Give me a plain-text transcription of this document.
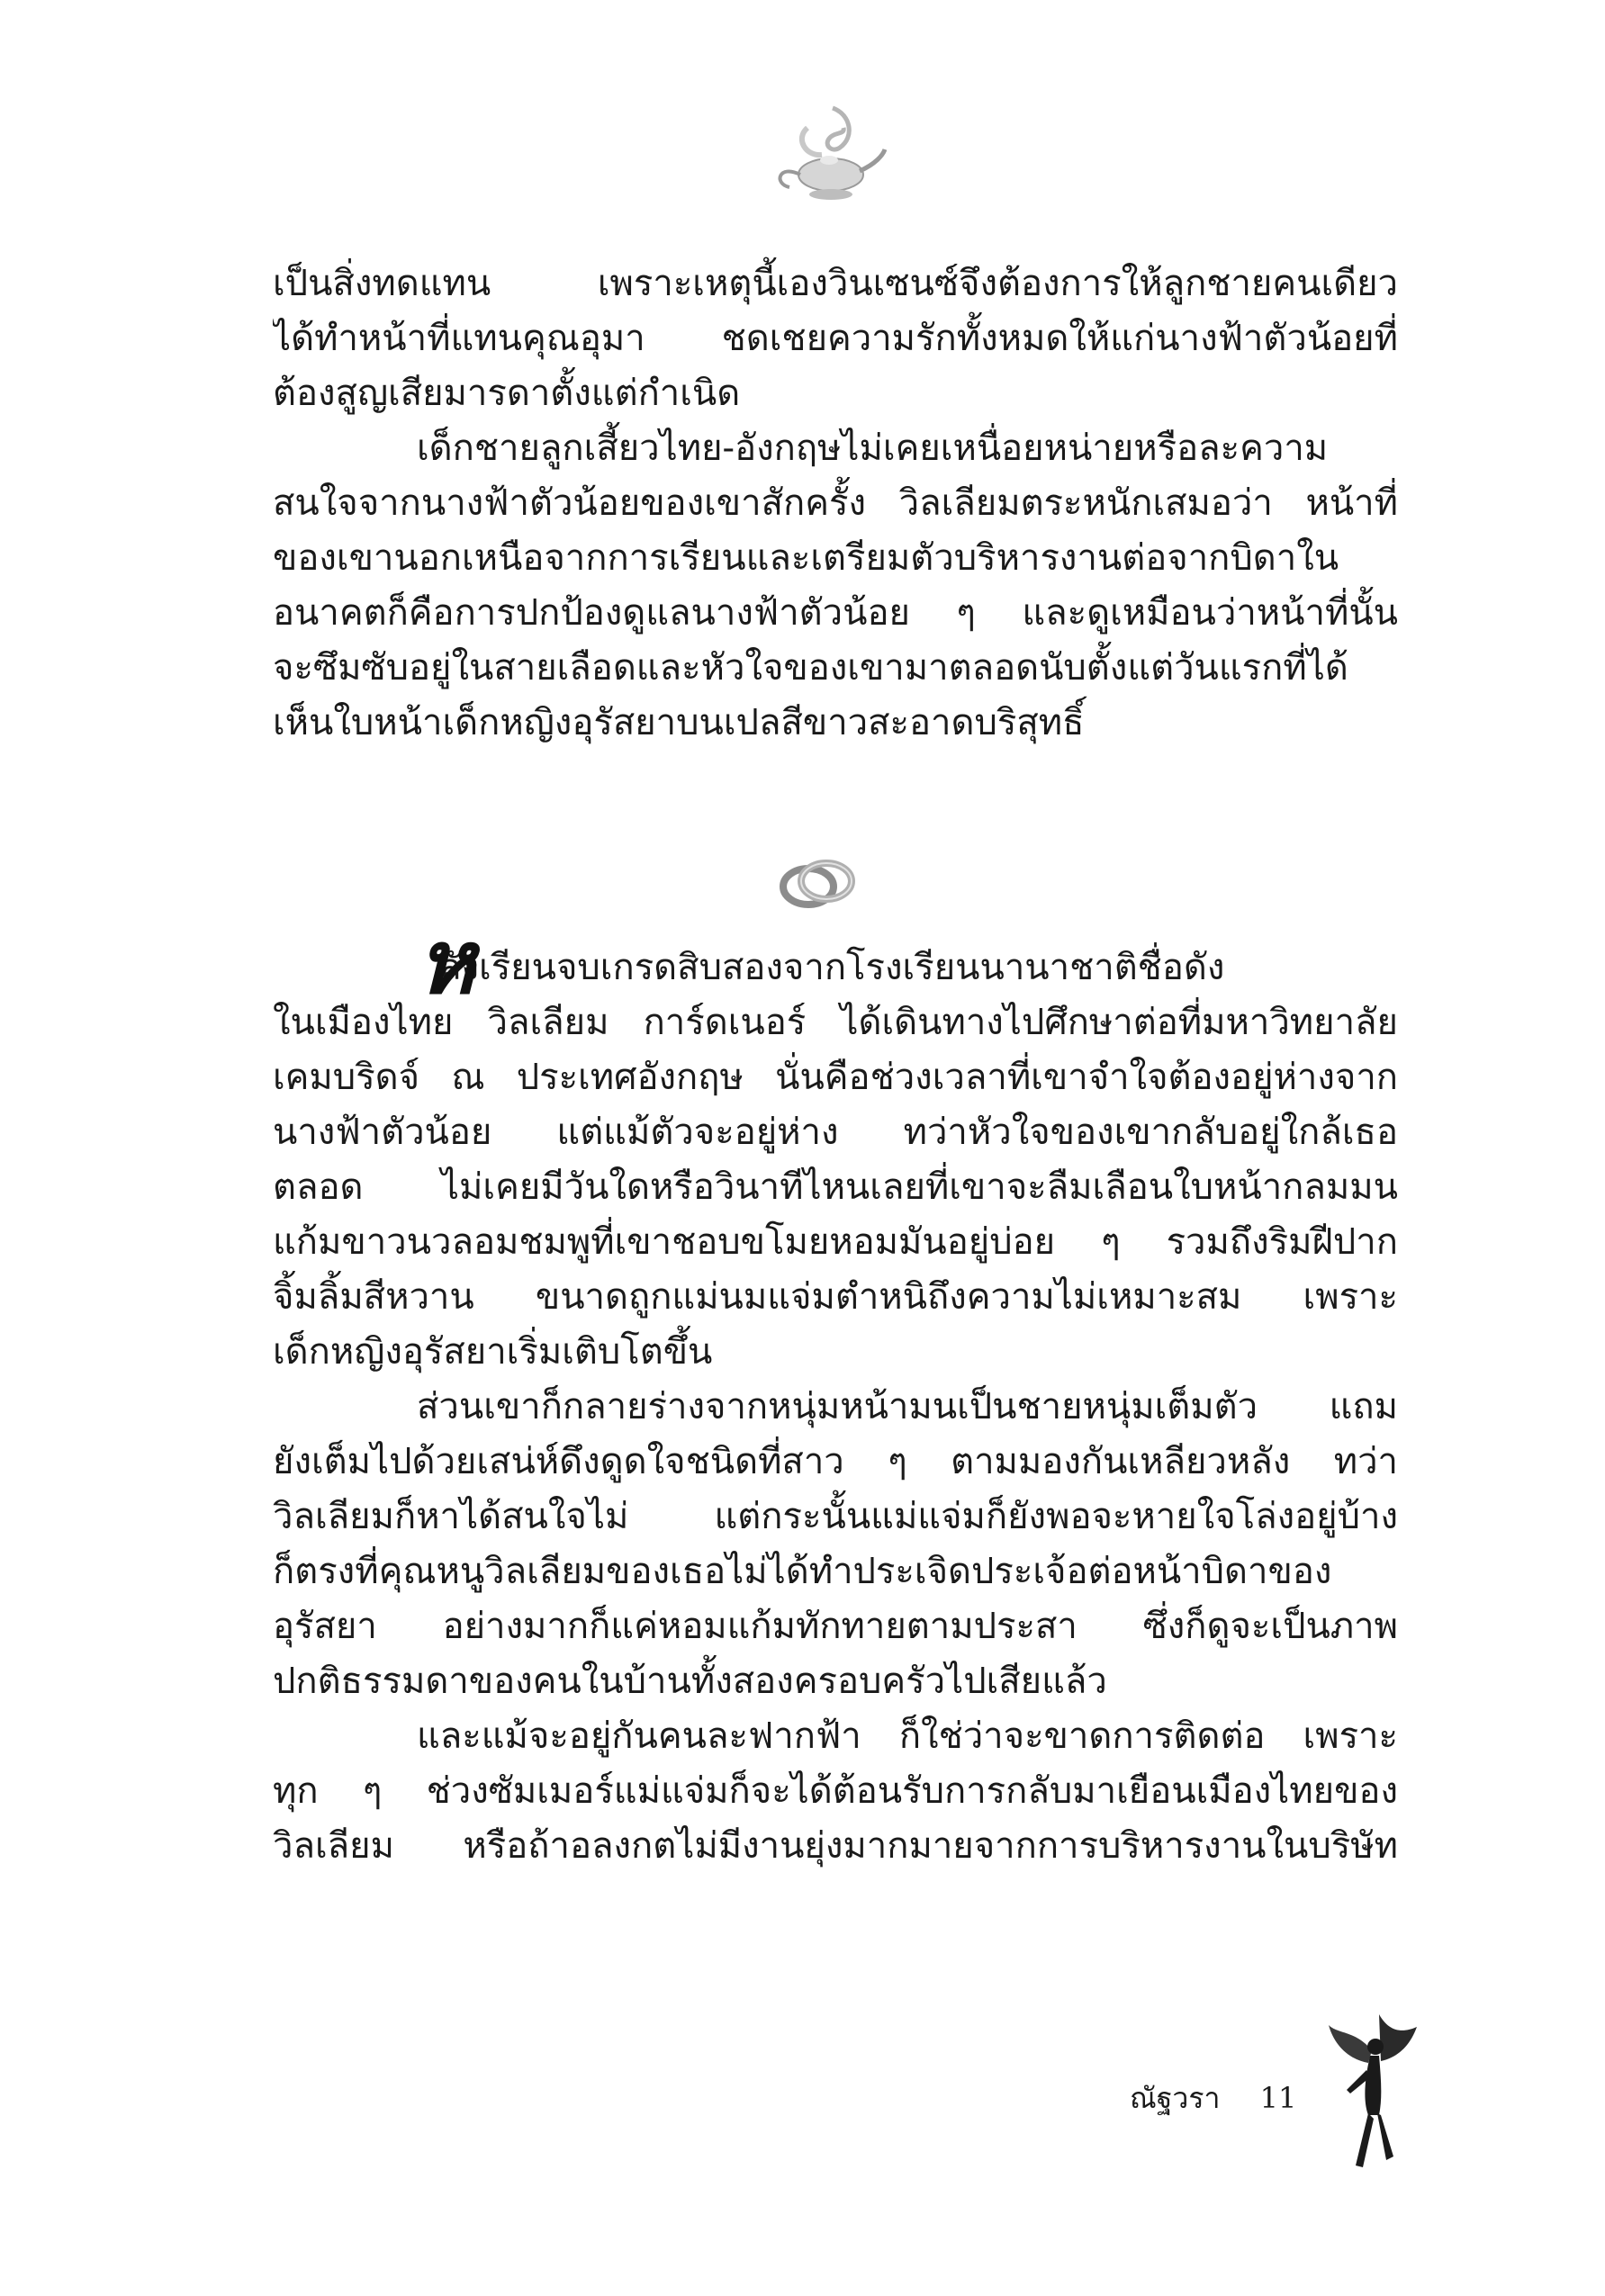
เป็นสิ่งทดแทน เพราะเหตุนี้เองวินเซนซ์จึงต้องการให้ลูกชายคนเดียว
ได้ทำหน้าที่แทนคุณอุมา ชดเชยความรักทั้งหมดให้แก่นางฟ้าตัวน้อยที่
ต้องสูญเสียมารดาตั้งแต่กำเนิด
เด็กชายลูกเสี้ยวไทย-อังกฤษไม่เคยเหนื่อยหน่ายหรือละความ
สนใจจากนางฟ้าตัวน้อยของเขาสักครั้ง วิลเลียมตระหนักเสมอว่า หน้าที่
ของเขานอกเหนือจากการเรียนและเตรียมตัวบริหารงานต่อจากบิดาใน
อนาคตก็คือการปกป้องดูแลนางฟ้าตัวน้อย ๆ และดูเหมือนว่าหน้าที่นั้น
จะซึมซับอยู่ในสายเลือดและหัวใจของเขามาตลอดนับตั้งแต่วันแรกที่ได้
เห็นใบหน้าเด็กหญิงอุรัสยาบนเปลสีขาวสะอาดบริสุทธิ์
ห
ลังเรียนจบเกรดสิบสองจากโรงเรียนนานาชาติชื่อดัง
ในเมืองไทย วิลเลียม การ์ดเนอร์ ได้เดินทางไปศึกษาต่อที่มหาวิทยาลัย
เคมบริดจ์ ณ ประเทศอังกฤษ นั่นคือช่วงเวลาที่เขาจำใจต้องอยู่ห่างจาก
นางฟ้าตัวน้อย แต่แม้ตัวจะอยู่ห่าง ทว่าหัวใจของเขากลับอยู่ใกล้เธอ
ตลอด ไม่เคยมีวันใดหรือวินาทีไหนเลยที่เขาจะลืมเลือนใบหน้ากลมมน
แก้มขาวนวลอมชมพูที่เขาชอบขโมยหอมมันอยู่บ่อย ๆ รวมถึงริมฝีปาก
จิ้มลิ้มสีหวาน ขนาดถูกแม่นมแจ่มตำหนิถึงความไม่เหมาะสม เพราะ
เด็กหญิงอุรัสยาเริ่มเติบโตขึ้น
ส่วนเขาก็กลายร่างจากหนุ่มหน้ามนเป็นชายหนุ่มเต็มตัว แถม
ยังเต็มไปด้วยเสน่ห์ดึงดูดใจชนิดที่สาว ๆ ตามมองกันเหลียวหลัง ทว่า
วิลเลียมก็หาได้สนใจไม่ แต่กระนั้นแม่แจ่มก็ยังพอจะหายใจโล่งอยู่บ้าง
ก็ตรงที่คุณหนูวิลเลียมของเธอไม่ได้ทำประเจิดประเจ้อต่อหน้าบิดาของ
อุรัสยา อย่างมากก็แค่หอมแก้มทักทายตามประสา ซึ่งก็ดูจะเป็นภาพ
ปกติธรรมดาของคนในบ้านทั้งสองครอบครัวไปเสียแล้ว
และแม้จะอยู่กันคนละฟากฟ้า ก็ใช่ว่าจะขาดการติดต่อ เพราะ
ทุก ๆ ช่วงซัมเมอร์แม่แจ่มก็จะได้ต้อนรับการกลับมาเยือนเมืองไทยของ
วิลเลียม หรือถ้าอลงกตไม่มีงานยุ่งมากมายจากการบริหารงานในบริษัท
ณัฐวรา 11
